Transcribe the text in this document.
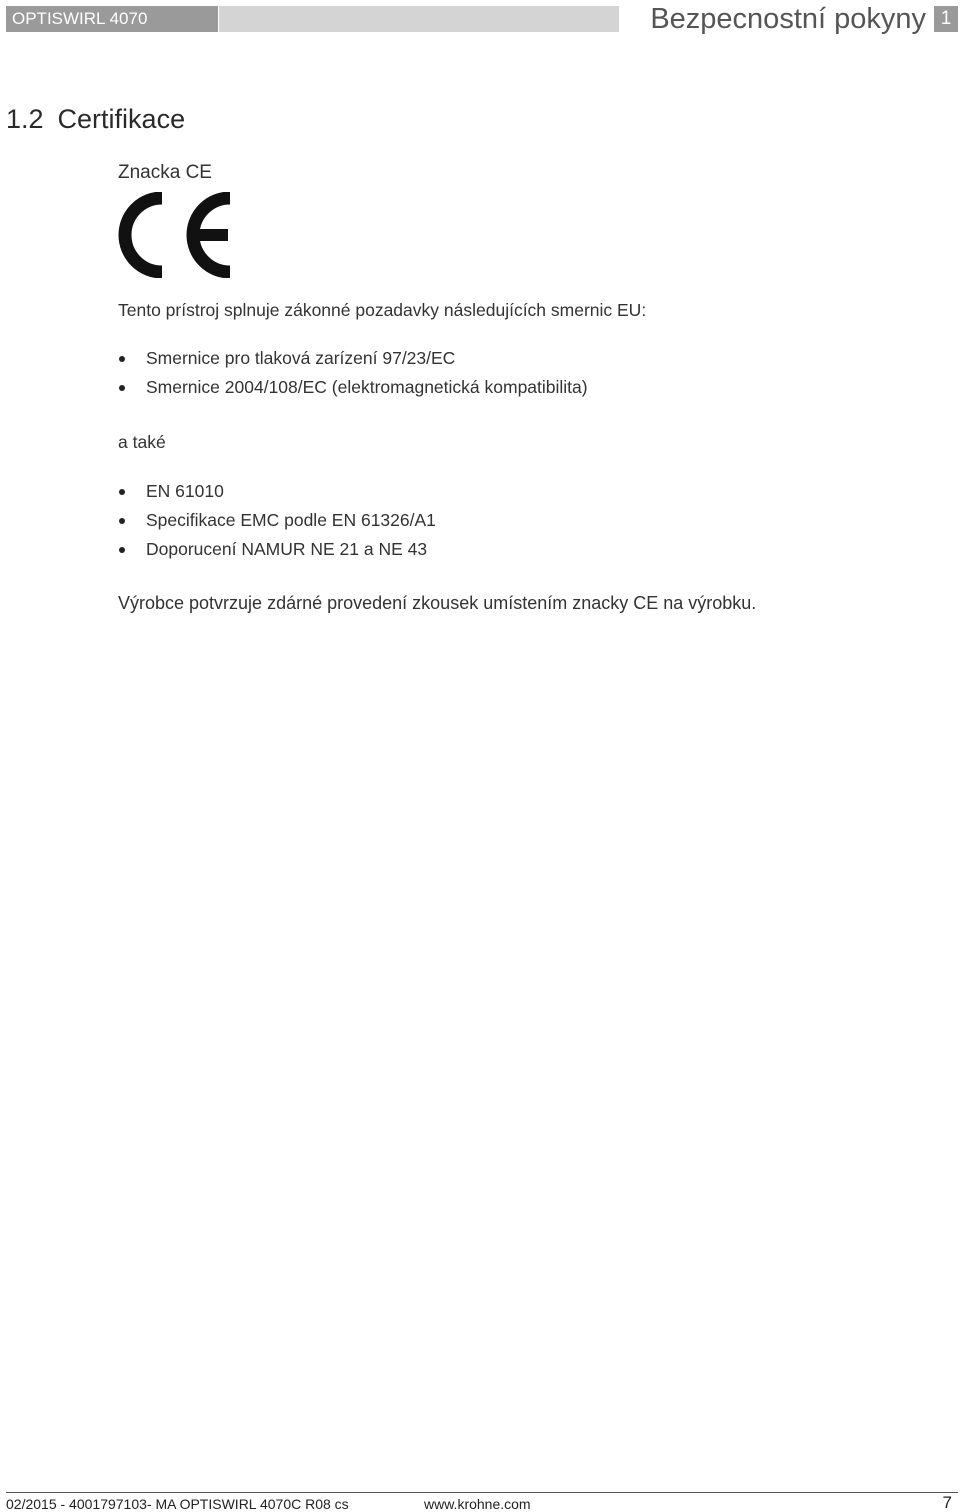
OPTISWIRL 4070	Bezpecnostní pokyny 1
1.2 Certifikace

Znacka CE

Tento prístroj splnuje zákonné pozadavky následujících smernic EU:

Smernice pro tlaková zarízení 97/23/EC
Smernice 2004/108/EC (elektromagnetická kompatibilita)

a také

EN 61010
Specifikace EMC podle EN 61326/A1
Doporucení NAMUR NE 21 a NE 43

Výrobce potvrzuje zdárné provedení zkousek umístením znacky CE na výrobku.

02/2015 - 4001797103- MA OPTISWIRL 4070C R08 cs	www.krohne.com	7
